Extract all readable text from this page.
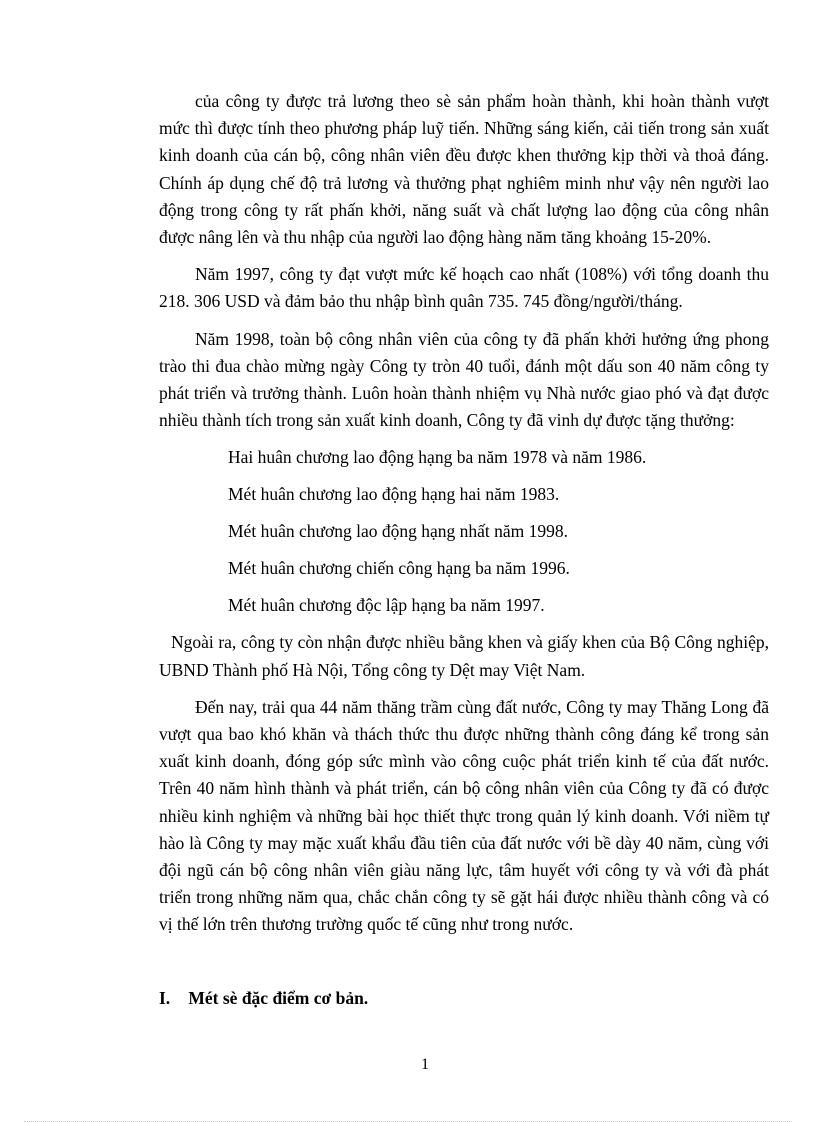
của công ty được trả lương theo sè sản phẩm hoàn thành, khi hoàn thành vượt mức thì được tính theo phương pháp luỹ tiến. Những sáng kiến, cải tiến trong sản xuất kinh doanh của cán bộ, công nhân viên đều được khen thưởng kịp thời và thoả đáng. Chính áp dụng chế độ trả lương và thưởng phạt nghiêm minh như vậy nên người lao động trong công ty rất phấn khởi, năng suất và chất lượng lao động của công nhân được nâng lên và thu nhập của người lao động hàng năm tăng khoảng 15-20%.

Năm 1997, công ty đạt vượt mức kế hoạch cao nhất (108%) với tổng doanh thu 218. 306 USD và đảm bảo thu nhập bình quân 735. 745 đồng/người/tháng.

Năm 1998, toàn bộ công nhân viên của công ty đã phấn khởi hưởng ứng phong trào thi đua chào mừng ngày Công ty tròn 40 tuổi, đánh một dấu son 40 năm công ty phát triển và trưởng thành. Luôn hoàn thành nhiệm vụ Nhà nước giao phó và đạt được nhiều thành tích trong sản xuất kinh doanh, Công ty đã vinh dự được tặng thưởng:

Hai huân chương lao động hạng ba năm 1978 và năm 1986.
Mét huân chương lao động hạng hai năm 1983.
Mét huân chương lao động hạng nhất năm 1998.
Mét huân chương chiến công hạng ba năm 1996.
Mét huân chương độc lập hạng ba năm 1997.

Ngoài ra, công ty còn nhận được nhiều bằng khen và giấy khen của Bộ Công nghiệp, UBND Thành phố Hà Nội, Tổng công ty Dệt may Việt Nam.

Đến nay, trải qua 44 năm thăng trầm cùng đất nước, Công ty may Thăng Long đã vượt qua bao khó khăn và thách thức thu được những thành công đáng kể trong sản xuất kinh doanh, đóng góp sức mình vào công cuộc phát triển kinh tế của đất nước. Trên 40 năm hình thành và phát triển, cán bộ công nhân viên của Công ty đã có được nhiều kinh nghiệm và những bài học thiết thực trong quản lý kinh doanh. Với niềm tự hào là Công ty may mặc xuất khẩu đầu tiên của đất nước với bề dày 40 năm, cùng với đội ngũ cán bộ công nhân viên giàu năng lực, tâm huyết với công ty và với đà phát triển trong những năm qua, chắc chắn công ty sẽ gặt hái được nhiều thành công và có vị thế lớn trên thương trường quốc tế cũng như trong nước.

I. Mét sè đặc điểm cơ bản.
1
